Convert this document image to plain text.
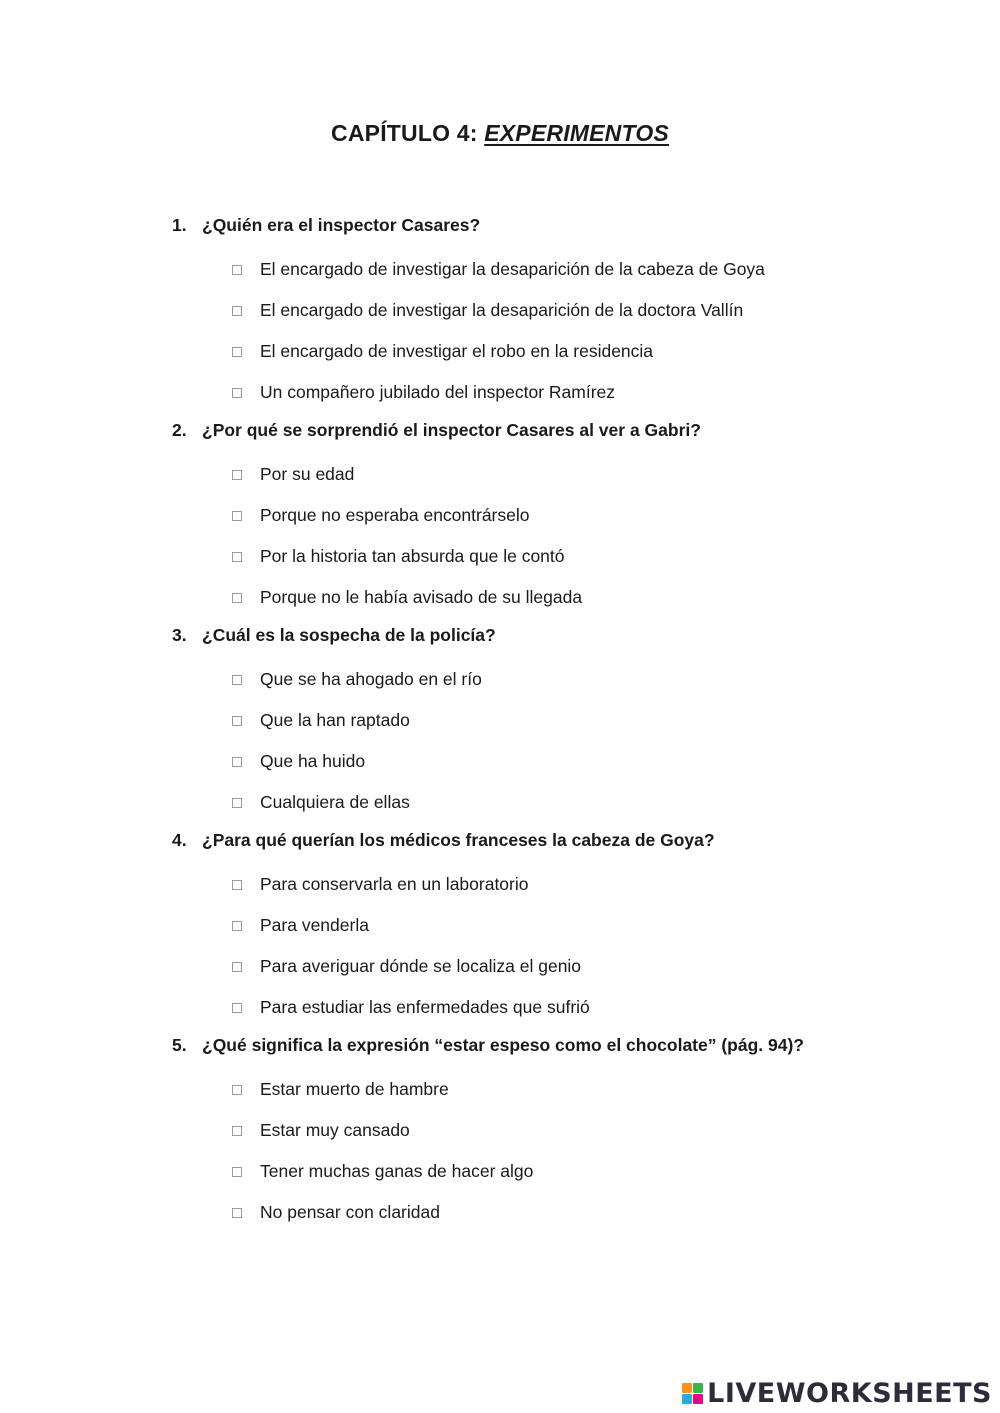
CAPÍTULO 4: EXPERIMENTOS
1. ¿Quién era el inspector Casares?
El encargado de investigar la desaparición de la cabeza de Goya
El encargado de investigar la desaparición de la doctora Vallín
El encargado de investigar el robo en la residencia
Un compañero jubilado del inspector Ramírez
2. ¿Por qué se sorprendió el inspector Casares al ver a Gabri?
Por su edad
Porque no esperaba encontrárselo
Por la historia tan absurda que le contó
Porque no le había avisado de su llegada
3. ¿Cuál es la sospecha de la policía?
Que se ha ahogado en el río
Que la han raptado
Que ha huido
Cualquiera de ellas
4. ¿Para qué querían los médicos franceses la cabeza de Goya?
Para conservarla en un laboratorio
Para venderla
Para averiguar dónde se localiza el genio
Para estudiar las enfermedades que sufrió
5. ¿Qué significa la expresión “estar espeso como el chocolate” (pág. 94)?
Estar muerto de hambre
Estar muy cansado
Tener muchas ganas de hacer algo
No pensar con claridad
LIVEWORKSHEETS
